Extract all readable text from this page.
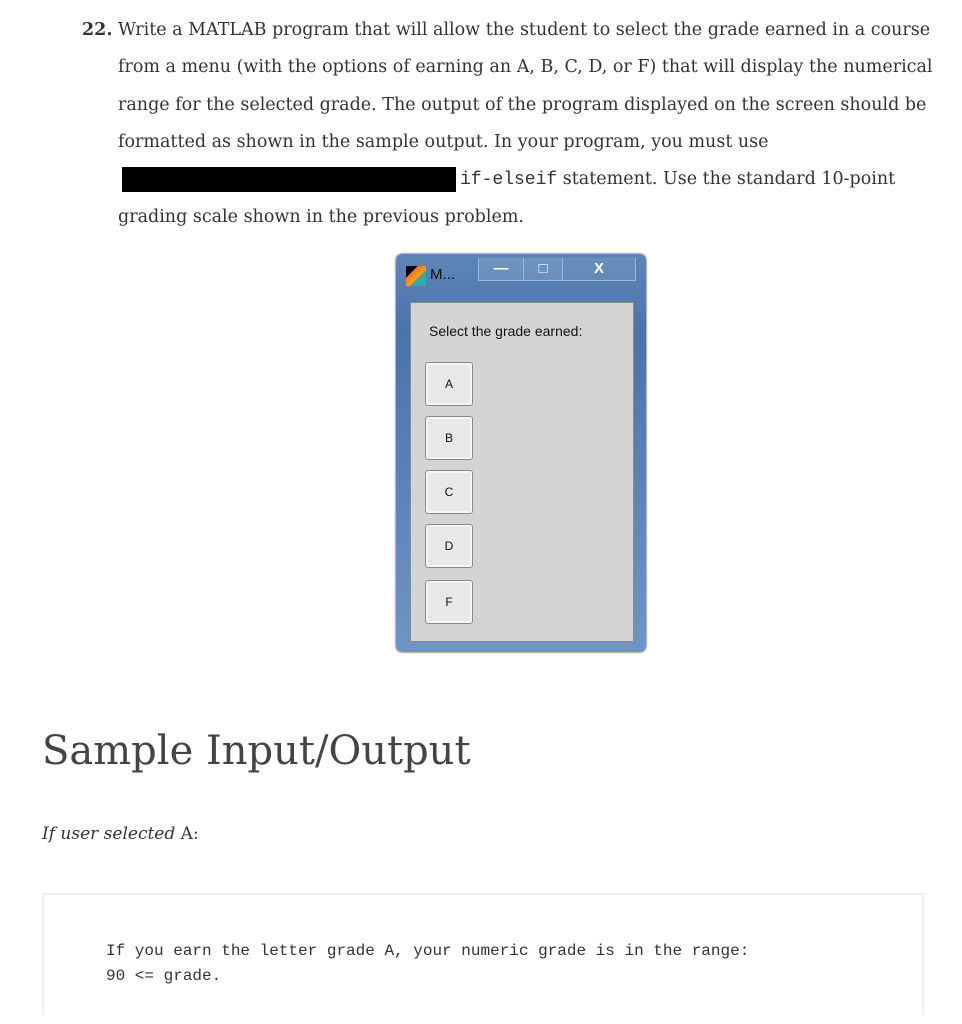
22. Write a MATLAB program that will allow the student to select the grade earned in a course from a menu (with the options of earning an A, B, C, D, or F) that will display the numerical range for the selected grade. The output of the program displayed on the screen should be formatted as shown in the sample output. In your program, you must useif-elseif statement. Use the standard 10-point grading scale shown in the previous problem.

M...	—	□	X
Select the grade earned:
A
B
C
D
F
Sample Input/Output
If user selected A:
If you earn the letter grade A, your numeric grade is in the range:
90 <= grade.
